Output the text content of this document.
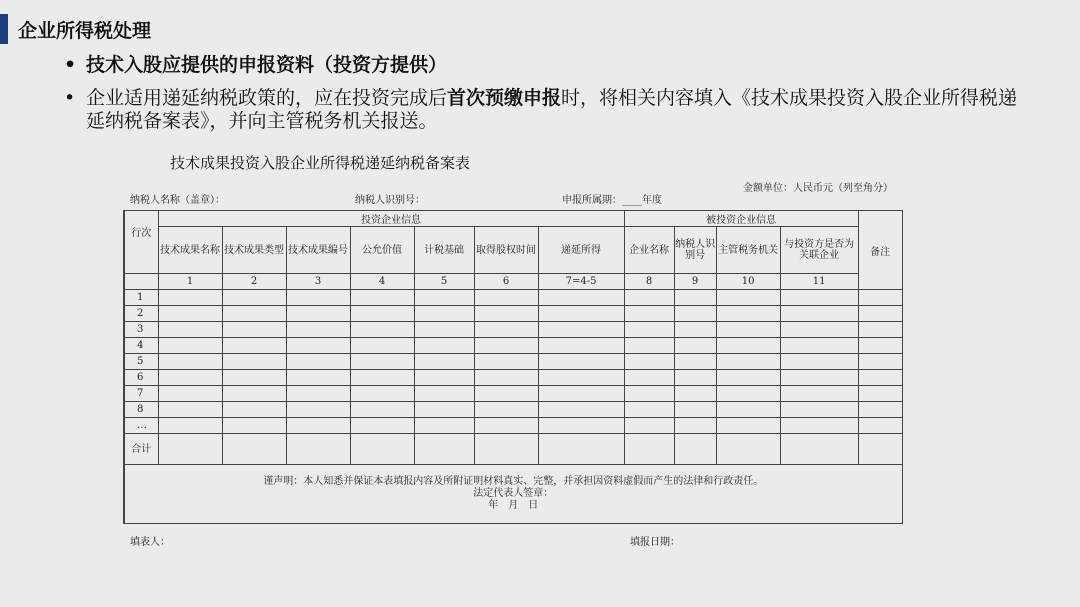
企业所得税处理
• 技术入股应提供的申报资料（投资方提供）
• 企业适用递延纳税政策的，应在投资完成后首次预缴申报时，将相关内容填入《技术成果投资入股企业所得税递延纳税备案表》，并向主管税务机关报送。
技术成果投资入股企业所得税递延纳税备案表
纳税人名称（盖章）：	纳税人识别号：	申报所属期：____年度
金额单位：人民币元（列至角分）
行次	投资企业信息							被投资企业信息				备注
	技术成果名称	技术成果类型	技术成果编号	公允价值	计税基础	取得股权时间	递延所得	企业名称	纳税人识别号	主管税务机关	与投资方是否为关联企业	
	1	2	3	4	5	6	7=4-5	8	9	10	11	
1												
2												
3												
4												
5												
6												
7												
8												
…												
合计												

谨声明：本人知悉并保证本表填报内容及所附证明材料真实、完整，并承担因资料虚假而产生的法律和行政责任。
法定代表人签章：
年　月　日												
填表人：	填报日期：
